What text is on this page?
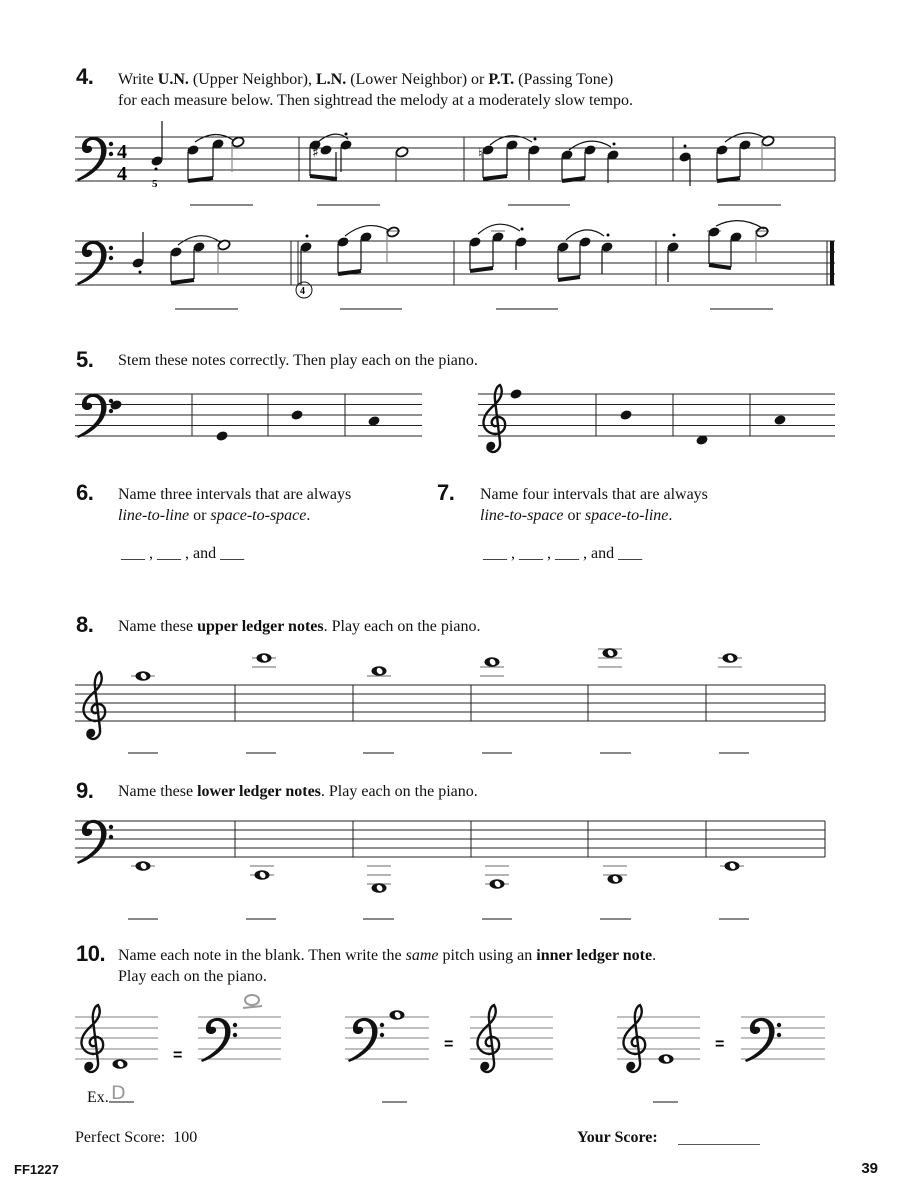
4. Write U.N. (Upper Neighbor), L.N. (Lower Neighbor) or P.T. (Passing Tone)
for each measure below. Then sightread the melody at a moderately slow tempo.
5. Stem these notes correctly. Then play each on the piano.
6. Name three intervals that are always
line-to-line or space-to-space.
___ , ___ , and ___
7. Name four intervals that are always
line-to-space or space-to-line.
___ , ___ , ___ , and ___
8. Name these upper ledger notes. Play each on the piano.
9. Name these lower ledger notes. Play each on the piano.
10. Name each note in the blank. Then write the same pitch using an inner ledger note.
Play each on the piano.
Ex.
Perfect Score: 100	Your Score:
FF1227	39
4
4 5
♯	♮
4
=
=	=
D
